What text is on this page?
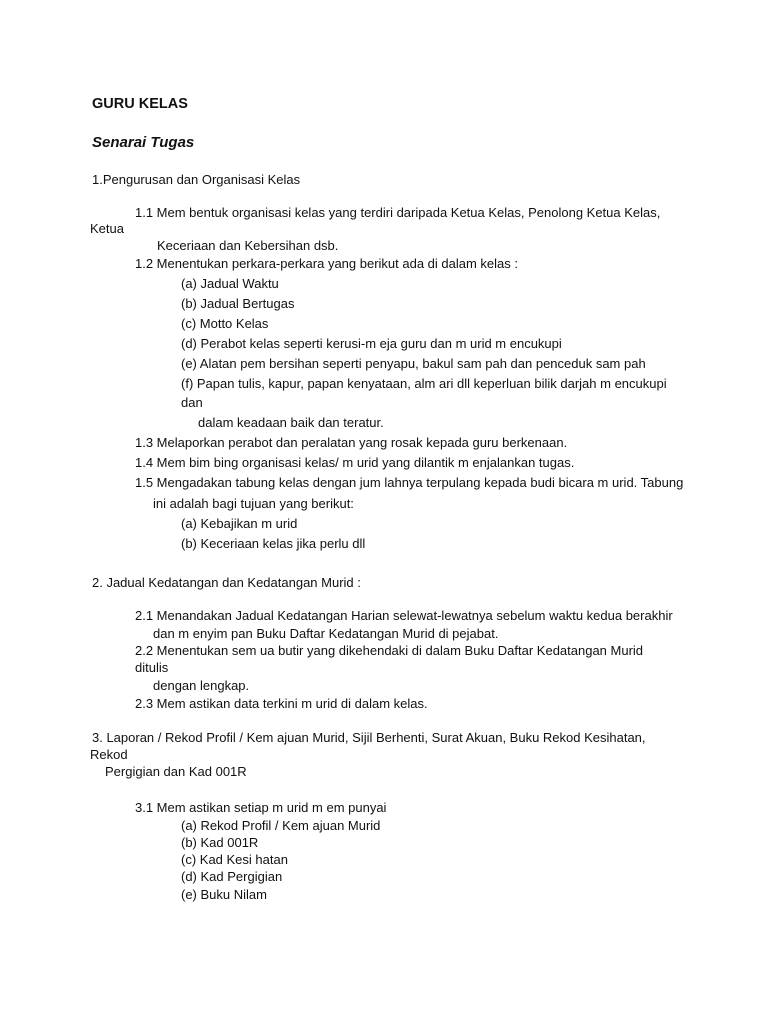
GURU KELAS
Senarai Tugas
1.Pengurusan dan Organisasi Kelas
1.1 Mem bentuk organisasi kelas yang terdiri daripada Ketua Kelas, Penolong Ketua Kelas,
Ketua
Keceriaan dan Kebersihan dsb.
1.2 Menentukan perkara-perkara yang berikut ada di dalam kelas :
(a) Jadual Waktu
(b) Jadual Bertugas
(c) Motto Kelas
(d) Perabot kelas seperti kerusi-m eja guru dan m urid m encukupi
(e) Alatan pem bersihan seperti penyapu, bakul sam pah dan penceduk sam pah
(f) Papan tulis, kapur, papan kenyataan, alm ari dll keperluan bilik darjah m encukupi
dan
dalam keadaan baik dan teratur.
1.3 Melaporkan perabot dan peralatan yang rosak kepada guru berkenaan.
1.4 Mem bim bing organisasi kelas/ m urid yang dilantik m enjalankan tugas.
1.5 Mengadakan tabung kelas dengan jum lahnya terpulang kepada budi bicara m urid. Tabung
ini adalah bagi tujuan yang berikut:
(a) Kebajikan m urid
(b) Keceriaan kelas jika perlu dll
2. Jadual Kedatangan dan Kedatangan Murid :
2.1 Menandakan Jadual Kedatangan Harian selewat-lewatnya sebelum waktu kedua berakhir
dan m enyim pan Buku Daftar Kedatangan Murid di pejabat.
2.2 Menentukan sem ua butir yang dikehendaki di dalam Buku Daftar Kedatangan Murid
ditulis
dengan lengkap.
2.3 Mem astikan data terkini m urid di dalam kelas.
3. Laporan / Rekod Profil / Kem ajuan Murid, Sijil Berhenti, Surat Akuan, Buku Rekod Kesihatan,
Rekod
Pergigian dan Kad 001R
3.1 Mem astikan setiap m urid m em punyai
(a) Rekod Profil / Kem ajuan Murid
(b) Kad 001R
(c) Kad Kesi hatan
(d) Kad Pergigian
(e) Buku Nilam
